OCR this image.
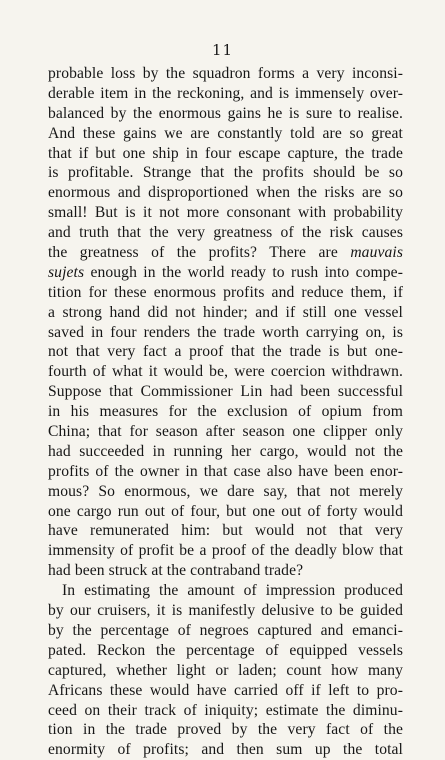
11
probable loss by the squadron forms a very inconsi-
derable item in the reckoning, and is immensely over-
balanced by the enormous gains he is sure to realise.
And these gains we are constantly told are so great
that if but one ship in four escape capture, the trade
is profitable. Strange that the profits should be so
enormous and disproportioned when the risks are so
small! But is it not more consonant with probability
and truth that the very greatness of the risk causes
the greatness of the profits? There are mauvais
sujets enough in the world ready to rush into compe-
tition for these enormous profits and reduce them, if
a strong hand did not hinder; and if still one vessel
saved in four renders the trade worth carrying on, is
not that very fact a proof that the trade is but one-
fourth of what it would be, were coercion withdrawn.
Suppose that Commissioner Lin had been successful
in his measures for the exclusion of opium from
China; that for season after season one clipper only
had succeeded in running her cargo, would not the
profits of the owner in that case also have been enor-
mous? So enormous, we dare say, that not merely
one cargo run out of four, but one out of forty would
have remunerated him: but would not that very
immensity of profit be a proof of the deadly blow that
had been struck at the contraband trade?
In estimating the amount of impression produced
by our cruisers, it is manifestly delusive to be guided
by the percentage of negroes captured and emanci-
pated. Reckon the percentage of equipped vessels
captured, whether light or laden; count how many
Africans these would have carried off if left to pro-
ceed on their track of iniquity; estimate the diminu-
tion in the trade proved by the very fact of the
enormity of profits; and then sum up the total
